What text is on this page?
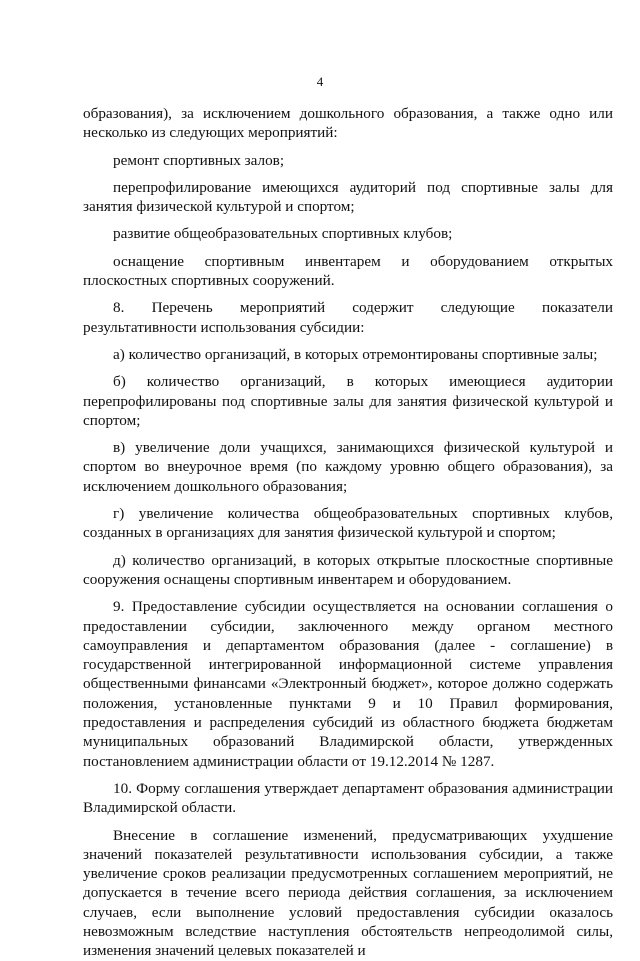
4

образования), за исключением дошкольного образования, а также одно или несколько из следующих мероприятий:

ремонт спортивных залов;

перепрофилирование имеющихся аудиторий под спортивные залы для занятия физической культурой и спортом;

развитие общеобразовательных спортивных клубов;

оснащение спортивным инвентарем и оборудованием открытых плоскостных спортивных сооружений.

8. Перечень мероприятий содержит следующие показатели результативности использования субсидии:

а) количество организаций, в которых отремонтированы спортивные залы;

б) количество организаций, в которых имеющиеся аудитории перепрофилированы под спортивные залы для занятия физической культурой и спортом;

в) увеличение доли учащихся, занимающихся физической культурой и спортом во внеурочное время (по каждому уровню общего образования), за исключением дошкольного образования;

г) увеличение количества общеобразовательных спортивных клубов, созданных в организациях для занятия физической культурой и спортом;

д) количество организаций, в которых открытые плоскостные спортивные сооружения оснащены спортивным инвентарем и оборудованием.

9. Предоставление субсидии осуществляется на основании соглашения о предоставлении субсидии, заключенного между органом местного самоуправления и департаментом образования (далее - соглашение) в государственной интегрированной информационной системе управления общественными финансами «Электронный бюджет», которое должно содержать положения, установленные пунктами 9 и 10 Правил формирования, предоставления и распределения субсидий из областного бюджета бюджетам муниципальных образований Владимирской области, утвержденных постановлением администрации области от 19.12.2014 № 1287.

10. Форму соглашения утверждает департамент образования администрации Владимирской области.

Внесение в соглашение изменений, предусматривающих ухудшение значений показателей результативности использования субсидии, а также увеличение сроков реализации предусмотренных соглашением мероприятий, не допускается в течение всего периода действия соглашения, за исключением случаев, если выполнение условий предоставления субсидии оказалось невозможным вследствие наступления обстоятельств непреодолимой силы, изменения значений целевых показателей и
